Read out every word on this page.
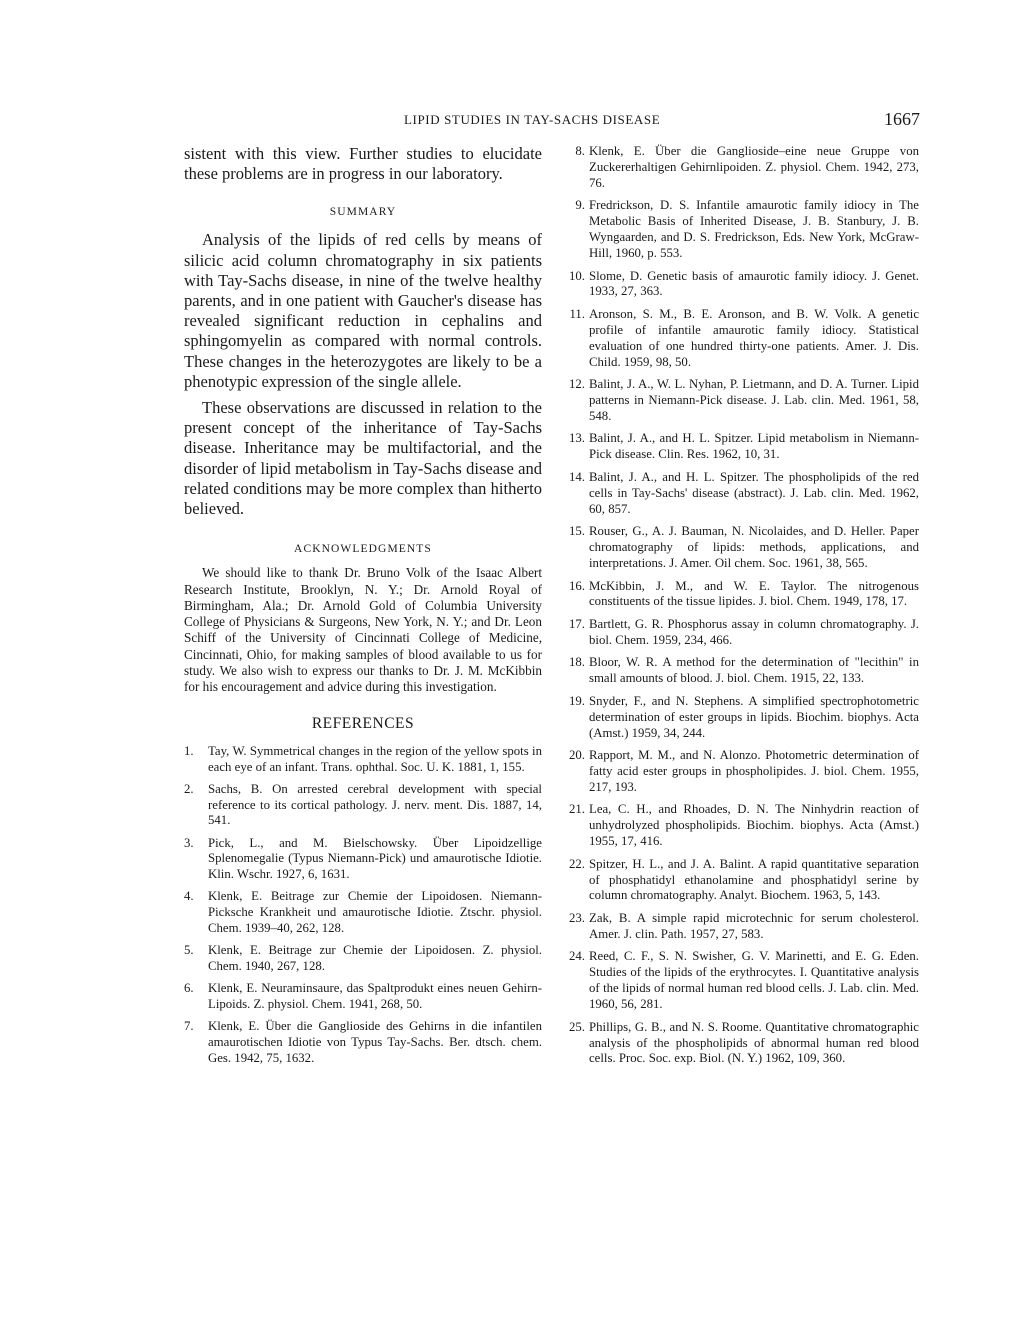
LIPID STUDIES IN TAY-SACHS DISEASE	1667

sistent with this view. Further studies to elucidate these problems are in progress in our laboratory.

SUMMARY

Analysis of the lipids of red cells by means of silicic acid column chromatography in six patients with Tay-Sachs disease, in nine of the twelve healthy parents, and in one patient with Gaucher's disease has revealed significant reduction in cephalins and sphingomyelin as compared with normal controls. These changes in the heterozygotes are likely to be a phenotypic expression of the single allele.

These observations are discussed in relation to the present concept of the inheritance of Tay-Sachs disease. Inheritance may be multifactorial, and the disorder of lipid metabolism in Tay-Sachs disease and related conditions may be more complex than hitherto believed.

ACKNOWLEDGMENTS

We should like to thank Dr. Bruno Volk of the Isaac Albert Research Institute, Brooklyn, N. Y.; Dr. Arnold Royal of Birmingham, Ala.; Dr. Arnold Gold of Columbia University College of Physicians & Surgeons, New York, N. Y.; and Dr. Leon Schiff of the University of Cincinnati College of Medicine, Cincinnati, Ohio, for making samples of blood available to us for study. We also wish to express our thanks to Dr. J. M. McKibbin for his encouragement and advice during this investigation.

REFERENCES
1. Tay, W. Symmetrical changes in the region of the yellow spots in each eye of an infant. Trans. ophthal. Soc. U. K. 1881, 1, 155.
2. Sachs, B. On arrested cerebral development with special reference to its cortical pathology. J. nerv. ment. Dis. 1887, 14, 541.
3. Pick, L., and M. Bielschowsky. Über Lipoidzellige Splenomegalie (Typus Niemann-Pick) und amaurotische Idiotie. Klin. Wschr. 1927, 6, 1631.
4. Klenk, E. Beitrage zur Chemie der Lipoidosen. Niemann-Picksche Krankheit und amaurotische Idiotie. Ztschr. physiol. Chem. 1939–40, 262, 128.
5. Klenk, E. Beitrage zur Chemie der Lipoidosen. Z. physiol. Chem. 1940, 267, 128.
6. Klenk, E. Neuraminsaure, das Spaltprodukt eines neuen Gehirn-Lipoids. Z. physiol. Chem. 1941, 268, 50.
7. Klenk, E. Über die Ganglioside des Gehirns in die infantilen amaurotischen Idiotie von Typus Tay-Sachs. Ber. dtsch. chem. Ges. 1942, 75, 1632.
8. Klenk, E. Über die Ganglioside–eine neue Gruppe von Zuckererhaltigen Gehirnlipoiden. Z. physiol. Chem. 1942, 273, 76.
9. Fredrickson, D. S. Infantile amaurotic family idiocy in The Metabolic Basis of Inherited Disease, J. B. Stanbury, J. B. Wyngaarden, and D. S. Fredrickson, Eds. New York, McGraw-Hill, 1960, p. 553.
10. Slome, D. Genetic basis of amaurotic family idiocy. J. Genet. 1933, 27, 363.
11. Aronson, S. M., B. E. Aronson, and B. W. Volk. A genetic profile of infantile amaurotic family idiocy. Statistical evaluation of one hundred thirty-one patients. Amer. J. Dis. Child. 1959, 98, 50.
12. Balint, J. A., W. L. Nyhan, P. Lietmann, and D. A. Turner. Lipid patterns in Niemann-Pick disease. J. Lab. clin. Med. 1961, 58, 548.
13. Balint, J. A., and H. L. Spitzer. Lipid metabolism in Niemann-Pick disease. Clin. Res. 1962, 10, 31.
14. Balint, J. A., and H. L. Spitzer. The phospholipids of the red cells in Tay-Sachs' disease (abstract). J. Lab. clin. Med. 1962, 60, 857.
15. Rouser, G., A. J. Bauman, N. Nicolaides, and D. Heller. Paper chromatography of lipids: methods, applications, and interpretations. J. Amer. Oil chem. Soc. 1961, 38, 565.
16. McKibbin, J. M., and W. E. Taylor. The nitrogenous constituents of the tissue lipides. J. biol. Chem. 1949, 178, 17.
17. Bartlett, G. R. Phosphorus assay in column chromatography. J. biol. Chem. 1959, 234, 466.
18. Bloor, W. R. A method for the determination of "lecithin" in small amounts of blood. J. biol. Chem. 1915, 22, 133.
19. Snyder, F., and N. Stephens. A simplified spectrophotometric determination of ester groups in lipids. Biochim. biophys. Acta (Amst.) 1959, 34, 244.
20. Rapport, M. M., and N. Alonzo. Photometric determination of fatty acid ester groups in phospholipides. J. biol. Chem. 1955, 217, 193.
21. Lea, C. H., and Rhoades, D. N. The Ninhydrin reaction of unhydrolyzed phospholipids. Biochim. biophys. Acta (Amst.) 1955, 17, 416.
22. Spitzer, H. L., and J. A. Balint. A rapid quantitative separation of phosphatidyl ethanolamine and phosphatidyl serine by column chromatography. Analyt. Biochem. 1963, 5, 143.
23. Zak, B. A simple rapid microtechnic for serum cholesterol. Amer. J. clin. Path. 1957, 27, 583.
24. Reed, C. F., S. N. Swisher, G. V. Marinetti, and E. G. Eden. Studies of the lipids of the erythrocytes. I. Quantitative analysis of the lipids of normal human red blood cells. J. Lab. clin. Med. 1960, 56, 281.
25. Phillips, G. B., and N. S. Roome. Quantitative chromatographic analysis of the phospholipids of abnormal human red blood cells. Proc. Soc. exp. Biol. (N. Y.) 1962, 109, 360.
